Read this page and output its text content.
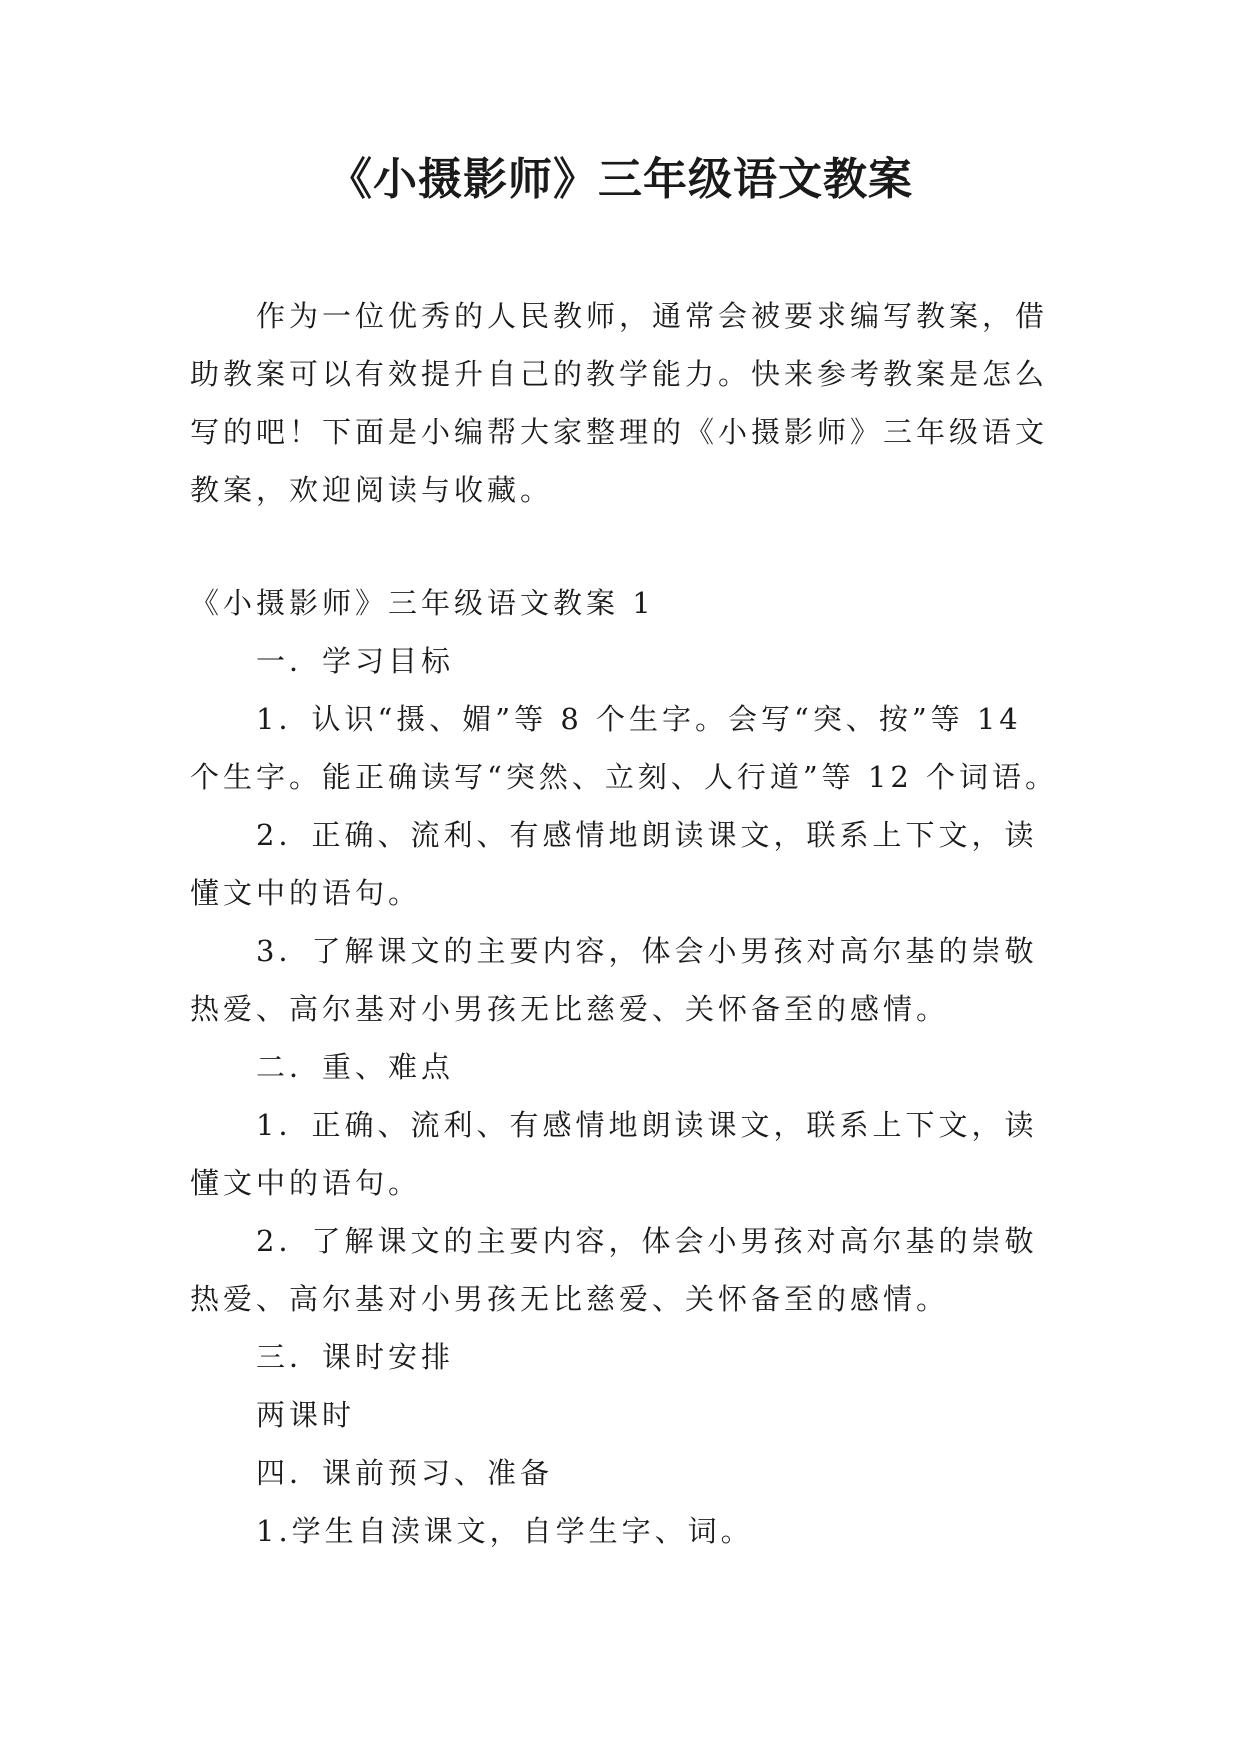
《小摄影师》三年级语文教案
作为一位优秀的人民教师，通常会被要求编写教案，借
助教案可以有效提升自己的教学能力。快来参考教案是怎么
写的吧！下面是小编帮大家整理的《小摄影师》三年级语文
教案，欢迎阅读与收藏。
《小摄影师》三年级语文教案 1
一．学习目标
1．认识“摄、媚”等 8 个生字。会写“突、按”等 14
个生字。能正确读写“突然、立刻、人行道”等 12 个词语。
2．正确、流利、有感情地朗读课文，联系上下文，读
懂文中的语句。
3．了解课文的主要内容，体会小男孩对高尔基的崇敬
热爱、高尔基对小男孩无比慈爱、关怀备至的感情。
二．重、难点
1．正确、流利、有感情地朗读课文，联系上下文，读
懂文中的语句。
2．了解课文的主要内容，体会小男孩对高尔基的崇敬
热爱、高尔基对小男孩无比慈爱、关怀备至的感情。
三．课时安排
两课时
四．课前预习、准备
1.学生自渎课文，自学生字、词。
